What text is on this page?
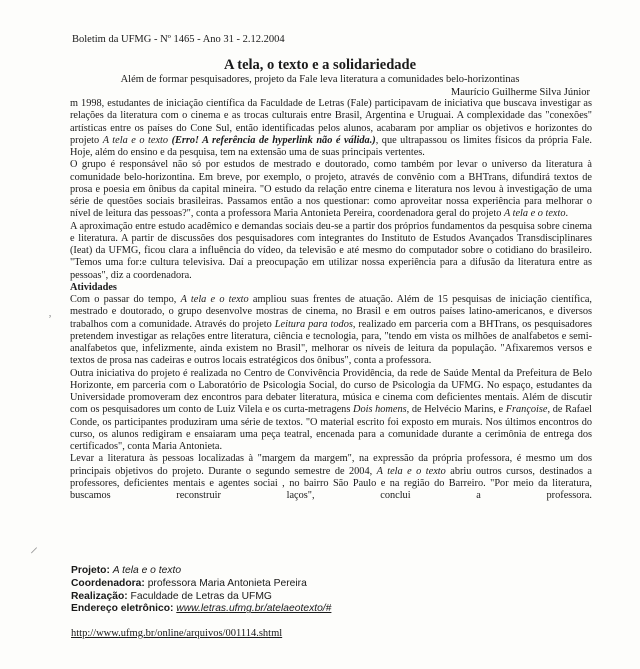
Boletim da UFMG - Nº 1465 - Ano 31 - 2.12.2004
A tela, o texto e a solidariedade
Além de formar pesquisadores, projeto da Fale leva literatura a comunidades belo-horizontinas
Maurício Guilherme Silva Júnior

m 1998, estudantes de iniciação científica da Faculdade de Letras (Fale) participavam de iniciativa que buscava investigar as relações da literatura com o cinema e as trocas culturais entre Brasil, Argentina e Uruguai. A complexidade das "conexões" artísticas entre os países do Cone Sul, então identificadas pelos alunos, acabaram por ampliar os objetivos e horizontes do projeto A tela e o texto (Erro! A referência de hyperlink não é válida.), que ultrapassou os limites físicos da própria Fale. Hoje, além do ensino e da pesquisa, tem na extensão uma de suas principais vertentes.

O grupo é responsável não só por estudos de mestrado e doutorado, como também por levar o universo da literatura à comunidade belo-horizontina. Em breve, por exemplo, o projeto, através de convênio com a BHTrans, difundirá textos de prosa e poesia em ônibus da capital mineira. "O estudo da relação entre cinema e literatura nos levou à investigação de uma série de questões sociais brasileiras. Passamos então a nos questionar: como aproveitar nossa experiência para melhorar o nível de leitura das pessoas?", conta a professora Maria Antonieta Pereira, coordenadora geral do projeto A tela e o texto.

A aproximação entre estudo acadêmico e demandas sociais deu-se a partir dos próprios fundamentos da pesquisa sobre cinema e literatura. A partir de discussões dos pesquisadores com integrantes do Instituto de Estudos Avançados Transdisciplinares (Ieat) da UFMG, ficou clara a influência do vídeo, da televisão e até mesmo do computador sobre o cotidiano do brasileiro. "Temos uma for:e cultura televisiva. Daí a preocupação em utilizar nossa experiência para a difusão da literatura entre as pessoas", diz a coordenadora.

Atividades

Com o passar do tempo, A tela e o texto ampliou suas frentes de atuação. Além de 15 pesquisas de iniciação científica, mestrado e doutorado, o grupo desenvolve mostras de cinema, no Brasil e em outros países latino-americanos, e diversos trabalhos com a comunidade. Através do projeto Leitura para todos, realizado em parceria com a BHTrans, os pesquisadores pretendem investigar as relações entre literatura, ciência e tecnologia, para, "tendo em vista os milhões de analfabetos e semi-analfabetos que, infelizmente, ainda existem no Brasil", melhorar os níveis de leitura da população. "Afixaremos versos e textos de prosa nas cadeiras e outros locais estratégicos dos ônibus", conta a professora.

Outra iniciativa do projeto é realizada no Centro de Convivência Providência, da rede de Saúde Mental da Prefeitura de Belo Horizonte, em parceria com o Laboratório de Psicologia Social, do curso de Psicologia da UFMG. No espaço, estudantes da Universidade promoveram dez encontros para debater literatura, música e cinema com deficientes mentais. Além de discutir com os pesquisadores um conto de Luiz Vilela e os curta-metragens Dois homens, de Helvécio Marins, e Françoise, de Rafael Conde, os participantes produziram uma série de textos. "O material escrito foi exposto em murais. Nos últimos encontros do curso, os alunos redigiram e ensaiaram uma peça teatral, encenada para a comunidade durante a cerimônia de entrega dos certificados", conta Maria Antonieta.

Levar a literatura às pessoas localizadas à "margem da margem", na expressão da própria professora, é mesmo um dos principais objetivos do projeto. Durante o segundo semestre de 2004, A tela e o texto abriu outros cursos, destinados a professores, deficientes mentais e agentes sociai , no bairro São Paulo e na região do Barreiro. "Por meio da literatura, buscamos reconstruir laços", conclui a professora.

Projeto: A tela e o texto
Coordenadora: professora Maria Antonieta Pereira
Realização: Faculdade de Letras da UFMG
Endereço eletrônico: www.letras.ufmg.br/atelaeotexto/#
http://www.ufmg.br/online/arquivos/001114.shtml
ʼ
⸝
